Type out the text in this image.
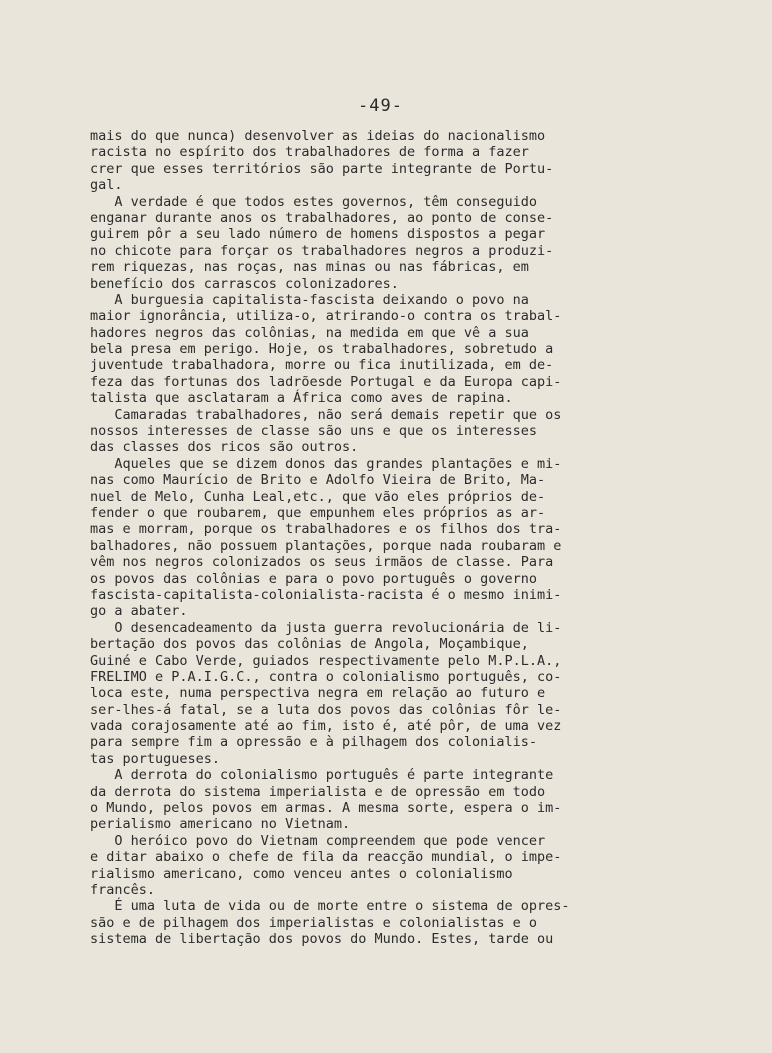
-49-
mais do que nunca) desenvolver as ideias do nacionalismo
racista no espírito dos trabalhadores de forma a fazer
crer que esses territórios são parte integrante de Portu-
gal.
A verdade é que todos estes governos, têm conseguido
enganar durante anos os trabalhadores, ao ponto de conse-
guirem pôr a seu lado número de homens dispostos a pegar
no chicote para forçar os trabalhadores negros a produzi-
rem riquezas, nas roças, nas minas ou nas fábricas, em
benefício dos carrascos colonizadores.
A burguesia capitalista-fascista deixando o povo na
maior ignorância, utiliza-o, atrirando-o contra os trabal-
hadores negros das colônias, na medida em que vê a sua
bela presa em perigo. Hoje, os trabalhadores, sobretudo a
juventude trabalhadora, morre ou fica inutilizada, em de-
feza das fortunas dos ladrõesde Portugal e da Europa capi-
talista que asclataram a África como aves de rapina.
Camaradas trabalhadores, não será demais repetir que os
nossos interesses de classe são uns e que os interesses
das classes dos ricos são outros.
Aqueles que se dizem donos das grandes plantações e mi-
nas como Maurício de Brito e Adolfo Vieira de Brito, Ma-
nuel de Melo, Cunha Leal,etc., que vão eles próprios de-
fender o que roubarem, que empunhem eles próprios as ar-
mas e morram, porque os trabalhadores e os filhos dos tra-
balhadores, não possuem plantações, porque nada roubaram e
vêm nos negros colonizados os seus irmãos de classe. Para
os povos das colônias e para o povo português o governo
fascista-capitalista-colonialista-racista é o mesmo inimi-
go a abater.
O desencadeamento da justa guerra revolucionária de li-
bertação dos povos das colônias de Angola, Moçambique,
Guiné e Cabo Verde, guiados respectivamente pelo M.P.L.A.,
FRELIMO e P.A.I.G.C., contra o colonialismo português, co-
loca este, numa perspectiva negra em relação ao futuro e
ser-lhes-á fatal, se a luta dos povos das colônias fôr le-
vada corajosamente até ao fim, isto é, até pôr, de uma vez
para sempre fim a opressão e à pilhagem dos colonialis-
tas portugueses.
A derrota do colonialismo português é parte integrante
da derrota do sistema imperialista e de opressão em todo
o Mundo, pelos povos em armas. A mesma sorte, espera o im-
perialismo americano no Vietnam.
O heróico povo do Vietnam compreendem que pode vencer
e ditar abaixo o chefe de fila da reacção mundial, o impe-
rialismo americano, como venceu antes o colonialismo
francês.
É uma luta de vida ou de morte entre o sistema de opres-
são e de pilhagem dos imperialistas e colonialistas e o
sistema de libertação dos povos do Mundo. Estes, tarde ou
